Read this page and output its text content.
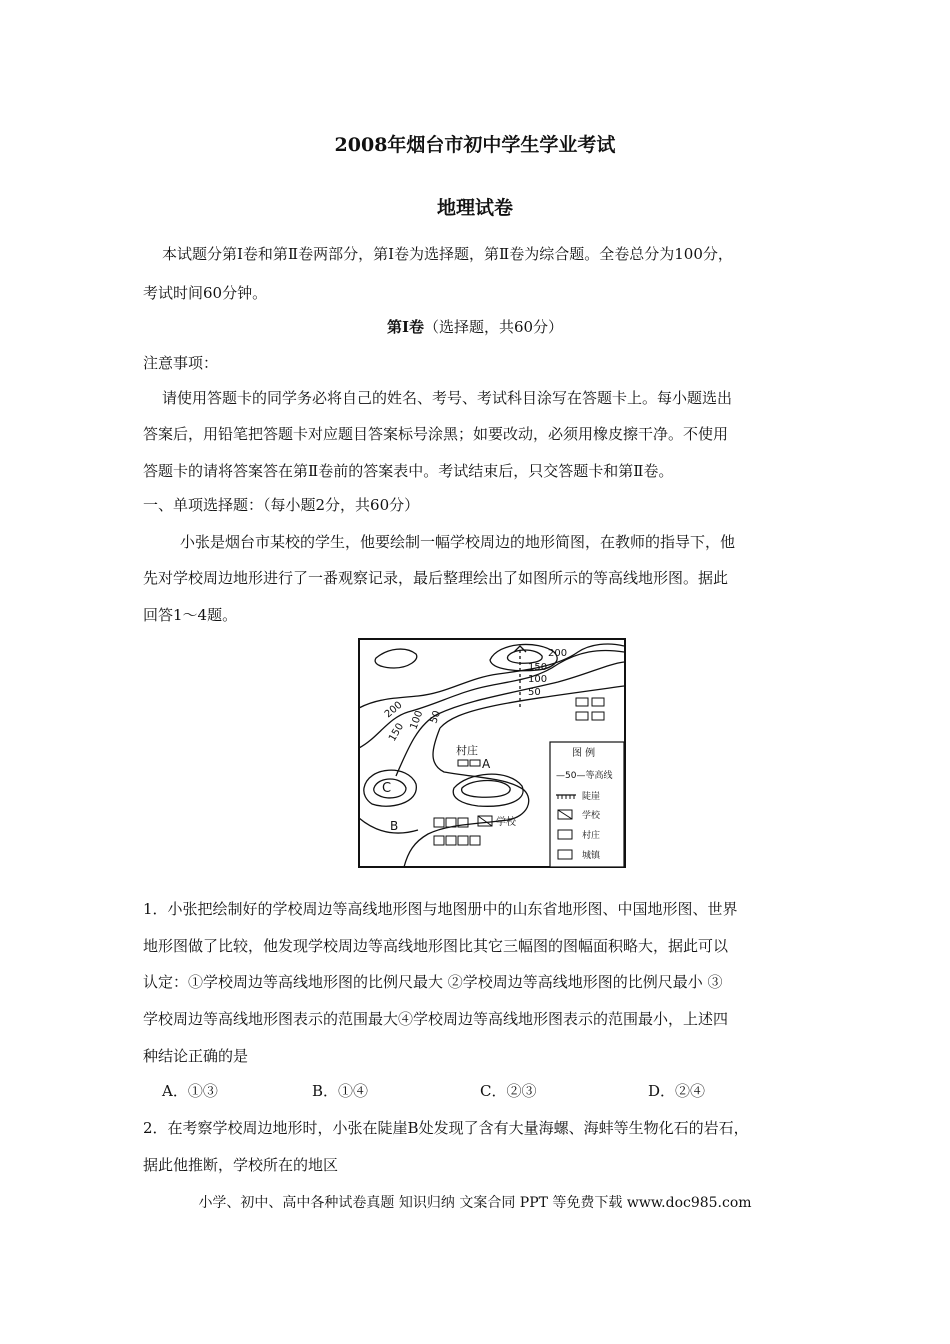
2008年烟台市初中学生学业考试
地理试卷
本试题分第Ⅰ卷和第Ⅱ卷两部分，第Ⅰ卷为选择题，第Ⅱ卷为综合题。全卷总分为100分，
考试时间60分钟。
第Ⅰ卷（选择题，共60分）
注意事项：
请使用答题卡的同学务必将自己的姓名、考号、考试科目涂写在答题卡上。每小题选出
答案后，用铅笔把答题卡对应题目答案标号涂黑；如要改动，必须用橡皮擦干净。不使用
答题卡的请将答案答在第Ⅱ卷前的答案表中。考试结束后，只交答题卡和第Ⅱ卷。
一、单项选择题：（每小题2分，共60分）
小张是烟台市某校的学生，他要绘制一幅学校周边的地形简图，在教师的指导下，他
先对学校周边地形进行了一番观察记录，最后整理绘出了如图所示的等高线地形图。据此
回答1～4题。
200
150
100
50
200
150
100 50
A
B
C
村庄
学校
图 例
—50—等高线
陡崖
学校
村庄
城镇
1．小张把绘制好的学校周边等高线地形图与地图册中的山东省地形图、中国地形图、世界
地形图做了比较，他发现学校周边等高线地形图比其它三幅图的图幅面积略大，据此可以
认定：①学校周边等高线地形图的比例尺最大 ②学校周边等高线地形图的比例尺最小 ③
学校周边等高线地形图表示的范围最大④学校周边等高线地形图表示的范围最小，上述四
种结论正确的是
A．①③	B．①④	C．②③	D．②④
2．在考察学校周边地形时，小张在陡崖B处发现了含有大量海螺、海蚌等生物化石的岩石，
据此他推断，学校所在的地区
小学、初中、高中各种试卷真题 知识归纳 文案合同 PPT 等免费下载 www.doc985.com
